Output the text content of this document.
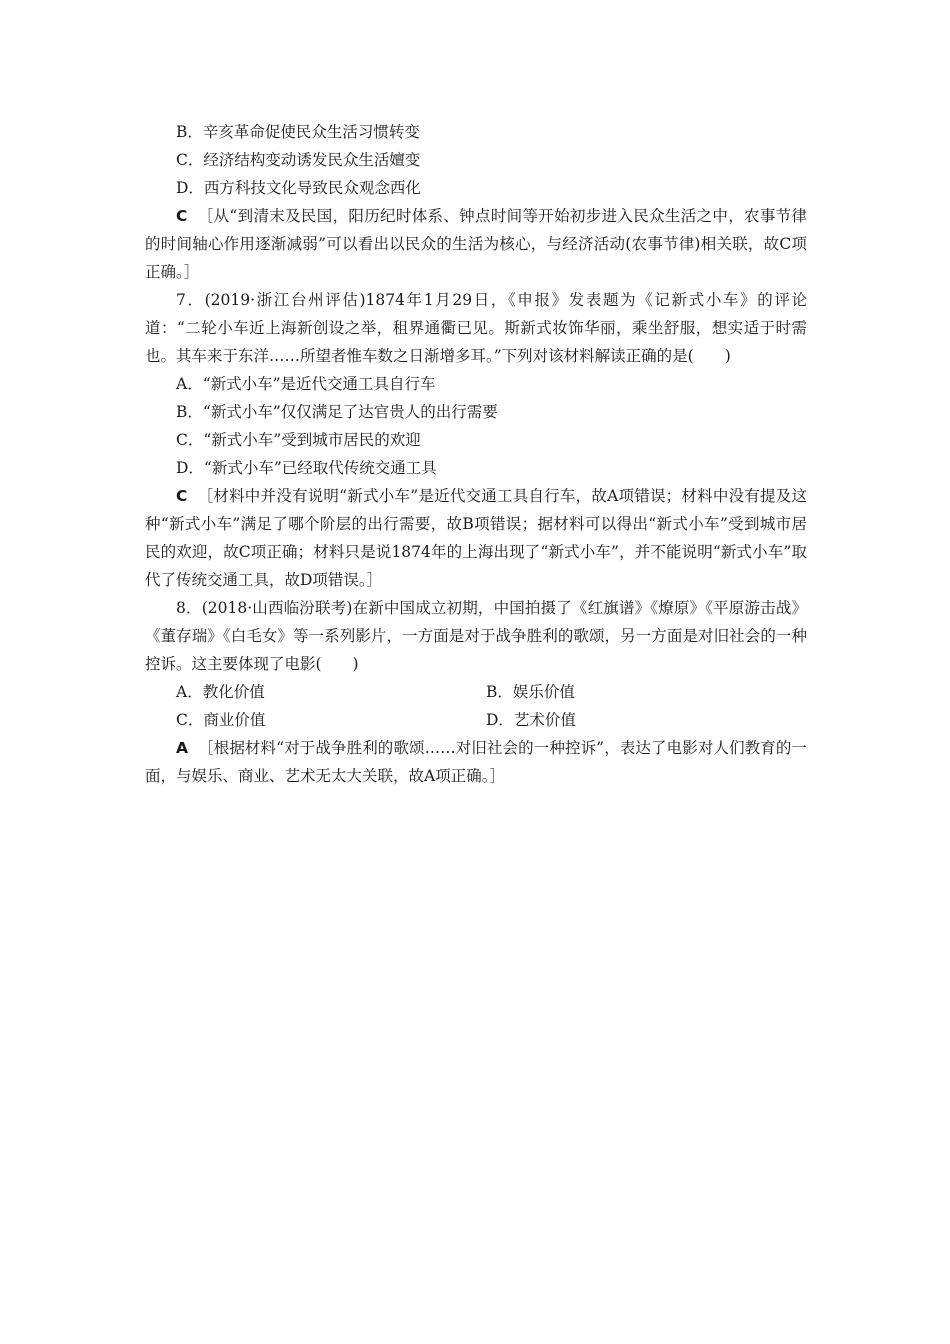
B．辛亥革命促使民众生活习惯转变

C．经济结构变动诱发民众生活嬗变

D．西方科技文化导致民众观念西化

C ［从“到清末及民国，阳历纪时体系、钟点时间等开始初步进入民众生活之中，农事节律的时间轴心作用逐渐减弱”可以看出以民众的生活为核心，与经济活动(农事节律)相关联，故C项正确。］

7．(2019·浙江台州评估)1874年1月29日，《申报》发表题为《记新式小车》的评论道：“二轮小车近上海新创设之举，租界通衢已见。斯新式妆饰华丽，乘坐舒服，想实适于时需也。其车来于东洋……所望者惟车数之日渐增多耳。”下列对该材料解读正确的是(　　)

A．“新式小车”是近代交通工具自行车

B．“新式小车”仅仅满足了达官贵人的出行需要

C．“新式小车”受到城市居民的欢迎

D．“新式小车”已经取代传统交通工具

C ［材料中并没有说明“新式小车”是近代交通工具自行车，故A项错误；材料中没有提及这种“新式小车”满足了哪个阶层的出行需要，故B项错误；据材料可以得出“新式小车”受到城市居民的欢迎，故C项正确；材料只是说1874年的上海出现了“新式小车”，并不能说明“新式小车”取代了传统交通工具，故D项错误。］

8．(2018·山西临汾联考)在新中国成立初期，中国拍摄了《红旗谱》《燎原》《平原游击战》《董存瑞》《白毛女》等一系列影片，一方面是对于战争胜利的歌颂，另一方面是对旧社会的一种控诉。这主要体现了电影(　　)

A．教化价值	B．娱乐价值
C．商业价值	D．艺术价值

A ［根据材料“对于战争胜利的歌颂……对旧社会的一种控诉”，表达了电影对人们教育的一面，与娱乐、商业、艺术无太大关联，故A项正确。］
